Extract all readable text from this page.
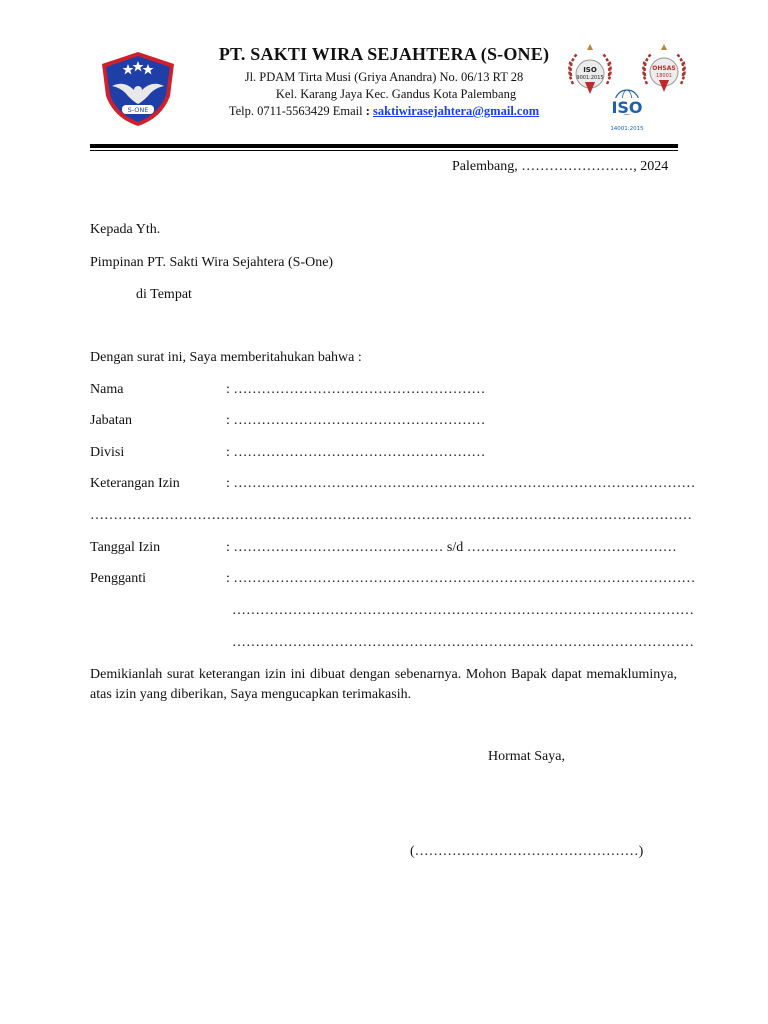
S-ONE
PT. SAKTI WIRA SEJAHTERA (S-ONE)
Jl. PDAM Tirta Musi (Griya Anandra) No. 06/13 RT 28
Kel. Karang Jaya Kec. Gandus Kota Palembang
Telp. 0711-5563429 Email : saktiwirasejahtera@gmail.com
ISO
9001:2015
OHSAS
18001
ISO
14001:2015
Palembang, ……………………, 2024
Kepada Yth.
Pimpinan PT. Sakti Wira Sejahtera (S-One)
di Tempat
Dengan surat ini, Saya memberitahukan bahwa :
Nama	: ………………………………………………
Jabatan	: ………………………………………………
Divisi	: ………………………………………………
Keterangan Izin	: ………………………………………………………………………………………
…………………………………………………………………………………………………………………
Tanggal Izin	: ……………………………………… s/d ………………………………………
Pengganti	: ………………………………………………………………………………………
………………………………………………………………………………………
………………………………………………………………………………………
Demikianlah surat keterangan izin ini dibuat dengan sebenarnya. Mohon Bapak dapat memakluminya, atas izin yang diberikan, Saya mengucapkan terimakasih.
Hormat Saya,
(…………………………………………)
